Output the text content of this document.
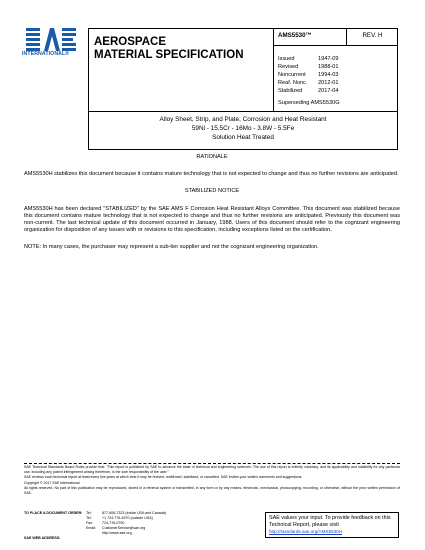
INTERNATIONAL®
AEROSPACE
MATERIAL SPECIFICATION
AMS5530™	REV. H
Issued	1947-09
Revised	1988-01
Noncurrent	1994-03
Reaf. Nonc.	2012-01
Stabilized	2017-04
Superseding AMS5530G
Alloy Sheet, Strip, and Plate, Corrosion and Heat Resistant
59Ni - 15.5Cr - 16Mo - 3.8W - 5.5Fe
Solution Heat Treated
RATIONALE
AMS5530H stabilizes this document because it contains mature technology that is not expected to change and thus no further revisions are anticipated.
STABILIZED NOTICE
AMS5530H has been declared "STABILIZED" by the SAE AMS F Corrosion Heat Resistant Alloys Committee. This document was stabilized because this document contains mature technology that is not expected to change and thus no further revisions are anticipated. Previously this document was non-current. The last technical update of this document occurred in January, 1988. Users of this document should refer to the cognizant engineering organization for disposition of any issues with or revisions to this specification, including exceptions listed on the certification.
NOTE: In many cases, the purchaser may represent a sub-tier supplier and not the cognizant engineering organization.

SAE Technical Standards Board Rules provide that: "This report is published by SAE to advance the state of technical and engineering sciences. The use of this report is entirely voluntary, and its applicability and suitability for any particular use, including any patent infringement arising therefrom, is the sole responsibility of the user."

SAE reviews each technical report at least every five years at which time it may be revised, reaffirmed, stabilized, or cancelled. SAE invites your written comments and suggestions.

Copyright © 2017 SAE International

All rights reserved. No part of this publication may be reproduced, stored in a retrieval system or transmitted, in any form or by any means, electronic, mechanical, photocopying, recording, or otherwise, without the prior written permission of SAE.

TO PLACE A DOCUMENT ORDER: Tel:	877-606-7323 (inside USA and Canada)
Tel:	+1 724-776-4970 (outside USA)
Fax:	724-776-0790
Email:	CustomerService@sae.org
http://www.sae.org
SAE WEB ADDRESS:
SAE values your input. To provide feedback on this Technical Report, please visit http://standards.sae.org/AMS5530H
